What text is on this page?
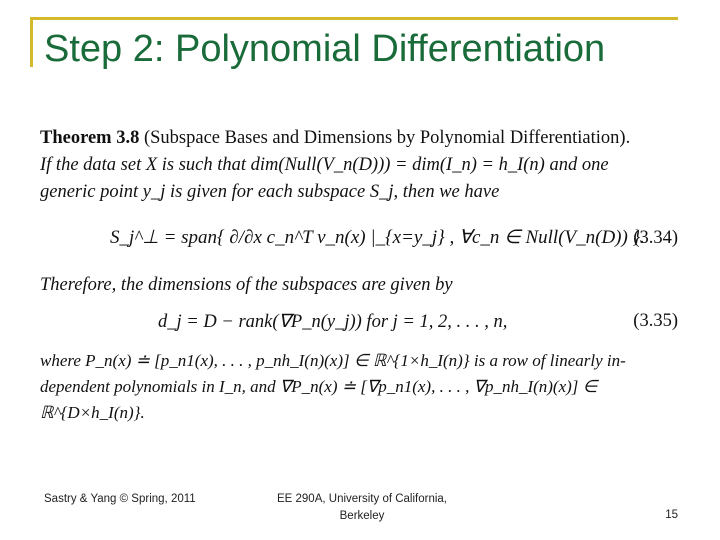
Step 2: Polynomial Differentiation
Theorem 3.8 (Subspace Bases and Dimensions by Polynomial Differentiation).
If the data set X is such that dim(Null(V_n(D))) = dim(I_n) = h_I(n) and one
generic point y_j is given for each subspace S_j, then we have
S_j^⊥ = span{ ∂/∂x c_n^T ν_n(x) |_{x=y_j} , ∀c_n ∈ Null(V_n(D)) }.
(3.34)
Therefore, the dimensions of the subspaces are given by
d_j = D − rank(∇P_n(y_j)) for j = 1, 2, . . . , n,	(3.35)
where P_n(x) ≐ [p_n1(x), . . . , p_nh_I(n)(x)] ∈ ℝ^{1×h_I(n)} is a row of linearly in-
dependent polynomials in I_n, and ∇P_n(x) ≐ [∇p_n1(x), . . . , ∇p_nh_I(n)(x)] ∈
ℝ^{D×h_I(n)}.
Sastry & Yang © Spring, 2011	EE 290A, University of California, Berkeley	15
